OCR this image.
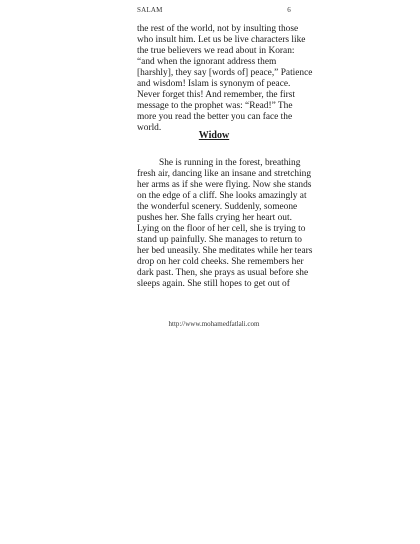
SALAM	6

the rest of the world, not by insulting those
who insult him. Let us be live characters like
the true believers we read about in Koran:
“and when the ignorant address them
[harshly], they say [words of] peace,” Patience
and wisdom! Islam is synonym of peace.
Never forget this! And remember, the first
message to the prophet was: “Read!” The
more you read the better you can face the
world.

Widow

She is running in the forest, breathing
fresh air, dancing like an insane and stretching
her arms as if she were flying. Now she stands
on the edge of a cliff. She looks amazingly at
the wonderful scenery. Suddenly, someone
pushes her. She falls crying her heart out.
Lying on the floor of her cell, she is trying to
stand up painfully. She manages to return to
her bed uneasily. She meditates while her tears
drop on her cold cheeks. She remembers her
dark past. Then, she prays as usual before she
sleeps again. She still hopes to get out of

http://www.mohamedfatlali.com
